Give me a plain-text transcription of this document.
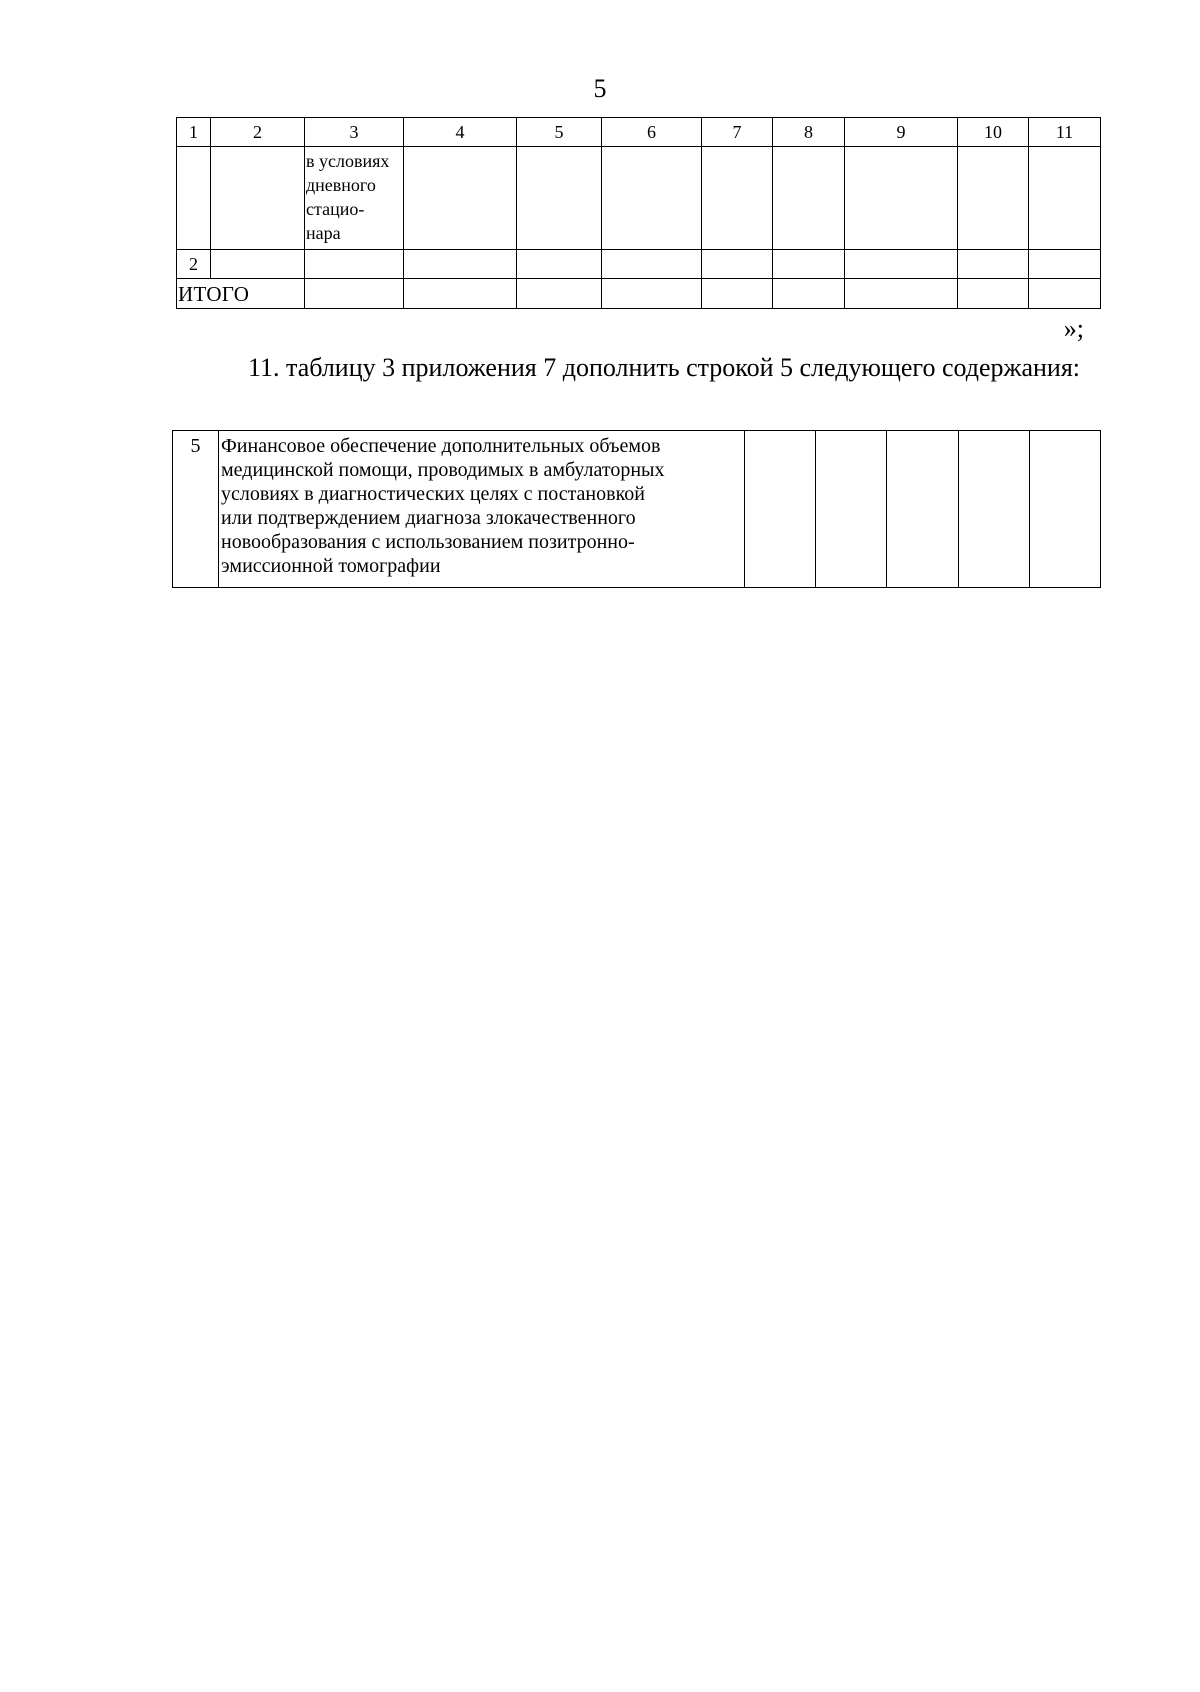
5
1	2	3	4	5	6	7	8	9	10	11

		в условиях
дневного
стацио-
нара								

2										
ИТОГО										
»;
11. таблицу 3 приложения 7 дополнить строкой 5 следующего содержания:
5	Финансовое обеспечение дополнительных объемов
медицинской помощи, проводимых в амбулаторных
условиях в диагностических целях с постановкой
или подтверждением диагноза злокачественного
новообразования с использованием позитронно-
эмиссионной томографии
